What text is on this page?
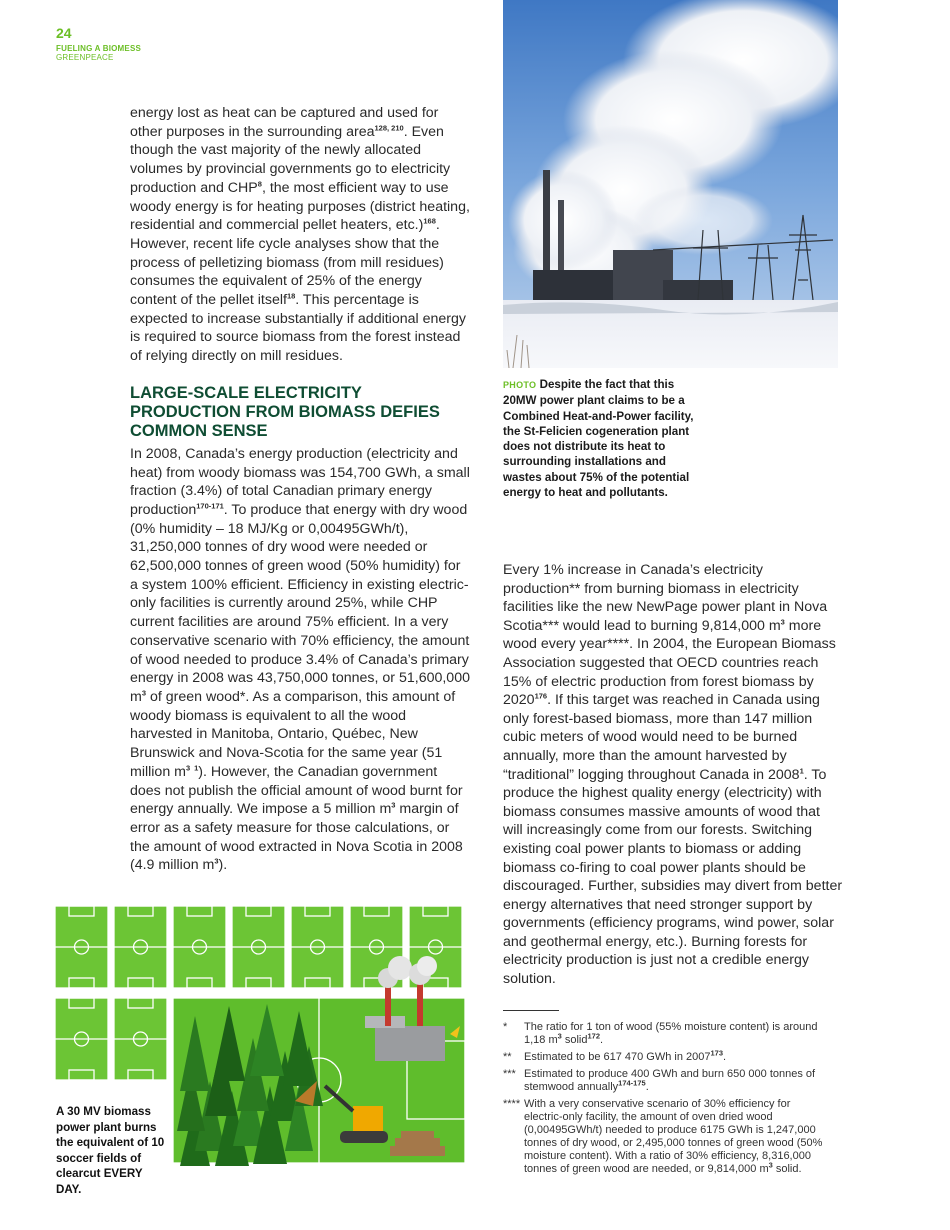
24
FUELING A BIOMESS
GREENPEACE

energy lost as heat can be captured and used for other purposes in the surrounding area$^{128, 210}$. Even though the vast majority of the newly allocated volumes by provincial governments go to electricity production and CHP$^8$, the most efficient way to use woody energy is for heating purposes (district heating, residential and commercial pellet heaters, etc.)$^{168}$. However, recent life cycle analyses show that the process of pelletizing biomass (from mill residues) consumes the equivalent of 25% of the energy content of the pellet itself$^{18}$. This percentage is expected to increase substantially if additional energy is required to source biomass from the forest instead of relying directly on mill residues.

LARGE-SCALE ELECTRICITY PRODUCTION FROM BIOMASS DEFIES COMMON SENSE

In 2008, Canada’s energy production (electricity and heat) from woody biomass was 154,700 GWh, a small fraction (3.4%) of total Canadian primary energy production$^{170-171}$. To produce that energy with dry wood (0% humidity – 18 MJ/Kg or 0,00495GWh/t), 31,250,000 tonnes of dry wood were needed or 62,500,000 tonnes of green wood (50% humidity) for a system 100% efficient. Efficiency in existing electric-only facilities is currently around 25%, while CHP current facilities are around 75% efficient. In a very conservative scenario with 70% efficiency, the amount of wood needed to produce 3.4% of Canada’s primary energy in 2008 was 43,750,000 tonnes, or 51,600,000 $m^3$ of green wood*. As a comparison, this amount of woody biomass is equivalent to all the wood harvested in Manitoba, Ontario, Québec, New Brunswick and Nova-Scotia for the same year (51 million $m^3$ $^1$). However, the Canadian government does not publish the official amount of wood burnt for energy annually. We impose a 5 million $m^3$ margin of error as a safety measure for those calculations, or the amount of wood extracted in Nova Scotia in 2008 (4.9 million $m^3$).

PHOTO Despite the fact that this 20MW power plant claims to be a Combined Heat-and-Power facility, the St-Felicien cogeneration plant does not distribute its heat to surrounding installations and wastes about 75% of the potential energy to heat and pollutants.

Every 1% increase in Canada’s electricity production** from burning biomass in electricity facilities like the new NewPage power plant in Nova Scotia*** would lead to burning 9,814,000 $m^3$ more wood every year****. In 2004, the European Biomass Association suggested that OECD countries reach 15% of electric production from forest biomass by 2020$^{176}$. If this target was reached in Canada using only forest-based biomass, more than 147 million cubic meters of wood would need to be burned annually, more than the amount harvested by “traditional” logging throughout Canada in 2008$^1$. To produce the highest quality energy (electricity) with biomass consumes massive amounts of wood that will increasingly come from our forests. Switching existing coal power plants to biomass or adding biomass co-firing to coal power plants should be discouraged. Further, subsidies may divert from better energy alternatives that need stronger support by governments (efficiency programs, wind power, solar and geothermal energy, etc.). Burning forests for electricity production is just not a credible energy solution.

*	The ratio for 1 ton of wood (55% moisture content) is around 1,18 $m^3$ solid$^{172}$.
**	Estimated to be 617 470 GWh in 2007$^{173}$.
*** Estimated to produce 400 GWh and burn 650 000 tonnes of stemwood annually$^{174-175}$.
**** With a very conservative scenario of 30% efficiency for electric-only facility, the amount of oven dried wood (0,00495GWh/t) needed to produce 6175 GWh is 1,247,000 tonnes of dry wood, or 2,495,000 tonnes of green wood (50% moisture content). With a ratio of 30% efficiency, 8,316,000 tonnes of green wood are needed, or 9,814,000 $m^3$ solid.
A 30 MV biomass power plant burns the equivalent of 10 soccer fields of clearcut EVERY DAY.
